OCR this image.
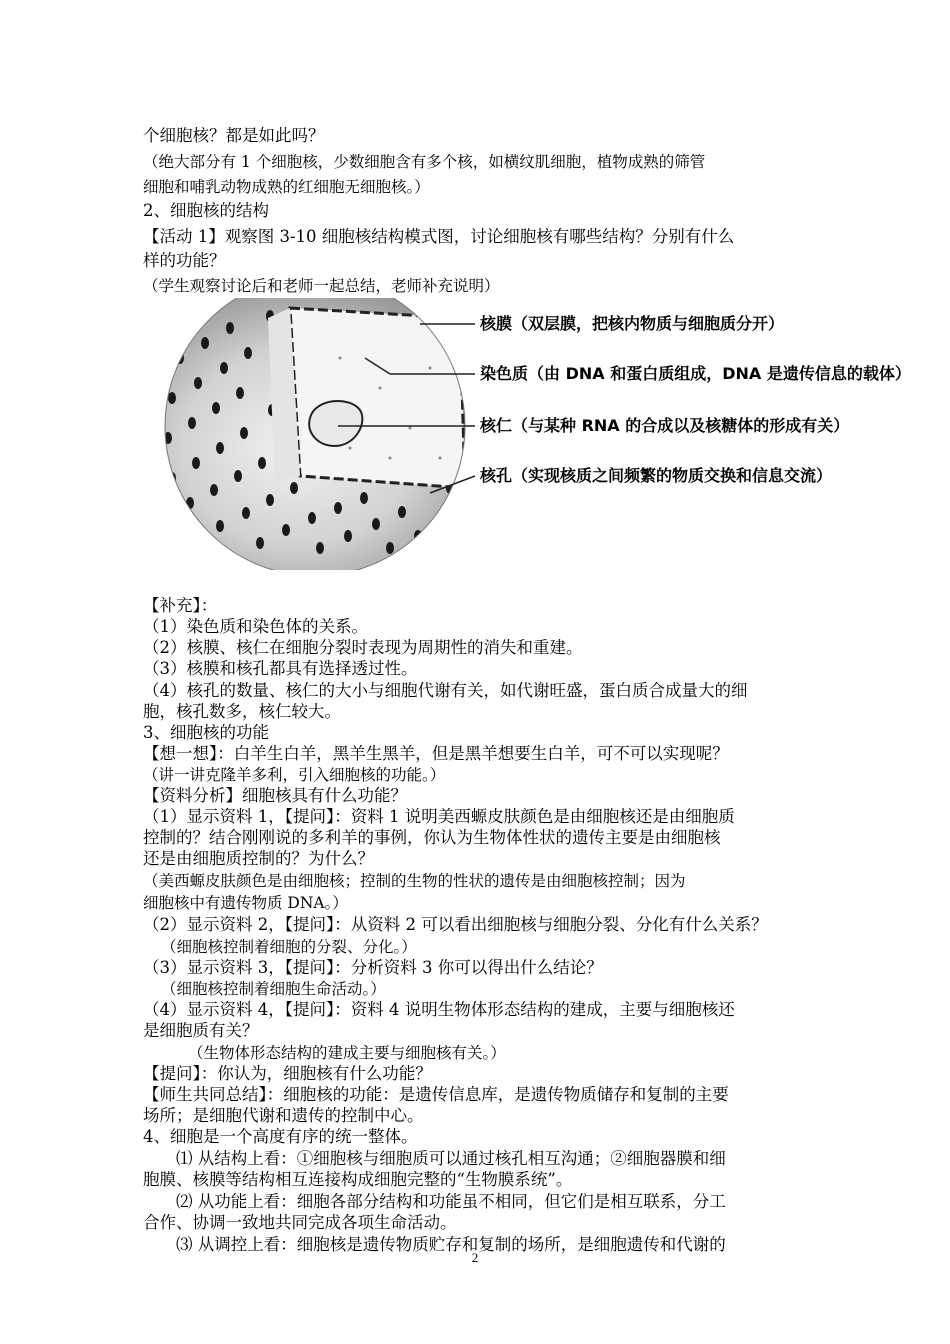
个细胞核？都是如此吗？
（绝大部分有 1 个细胞核，少数细胞含有多个核，如横纹肌细胞，植物成熟的筛管
细胞和哺乳动物成熟的红细胞无细胞核。）
2、细胞核的结构
【活动 1】观察图 3-10 细胞核结构模式图，讨论细胞核有哪些结构？分别有什么
样的功能？
（学生观察讨论后和老师一起总结，老师补充说明）
核膜（双层膜，把核内物质与细胞质分开）
染色质（由 DNA 和蛋白质组成，DNA 是遗传信息的载体）
核仁（与某种 RNA 的合成以及核糖体的形成有关）
核孔（实现核质之间频繁的物质交换和信息交流）
【补充】：
（1）染色质和染色体的关系。
（2）核膜、核仁在细胞分裂时表现为周期性的消失和重建。
（3）核膜和核孔都具有选择透过性。
（4）核孔的数量、核仁的大小与细胞代谢有关，如代谢旺盛，蛋白质合成量大的细
胞，核孔数多，核仁较大。
3、细胞核的功能
【想一想】：白羊生白羊，黑羊生黑羊，但是黑羊想要生白羊，可不可以实现呢？
（讲一讲克隆羊多利，引入细胞核的功能。）
【资料分析】细胞核具有什么功能？
（1）显示资料 1，【提问】：资料 1 说明美西螈皮肤颜色是由细胞核还是由细胞质
控制的？结合刚刚说的多利羊的事例，你认为生物体性状的遗传主要是由细胞核
还是由细胞质控制的？为什么？
（美西螈皮肤颜色是由细胞核；控制的生物的性状的遗传是由细胞核控制；因为
细胞核中有遗传物质 DNA。）
（2）显示资料 2，【提问】：从资料 2 可以看出细胞核与细胞分裂、分化有什么关系？
（细胞核控制着细胞的分裂、分化。）
（3）显示资料 3，【提问】：分析资料 3 你可以得出什么结论？
（细胞核控制着细胞生命活动。）
（4）显示资料 4，【提问】：资料 4 说明生物体形态结构的建成，主要与细胞核还
是细胞质有关？
（生物体形态结构的建成主要与细胞核有关。）
【提问】：你认为，细胞核有什么功能？
【师生共同总结】：细胞核的功能：是遗传信息库，是遗传物质储存和复制的主要
场所；是细胞代谢和遗传的控制中心。
4、细胞是一个高度有序的统一整体。
⑴ 从结构上看：①细胞核与细胞质可以通过核孔相互沟通；②细胞器膜和细
胞膜、核膜等结构相互连接构成细胞完整的“生物膜系统”。
⑵ 从功能上看：细胞各部分结构和功能虽不相同，但它们是相互联系，分工
合作、协调一致地共同完成各项生命活动。
⑶ 从调控上看：细胞核是遗传物质贮存和复制的场所，是细胞遗传和代谢的
2
